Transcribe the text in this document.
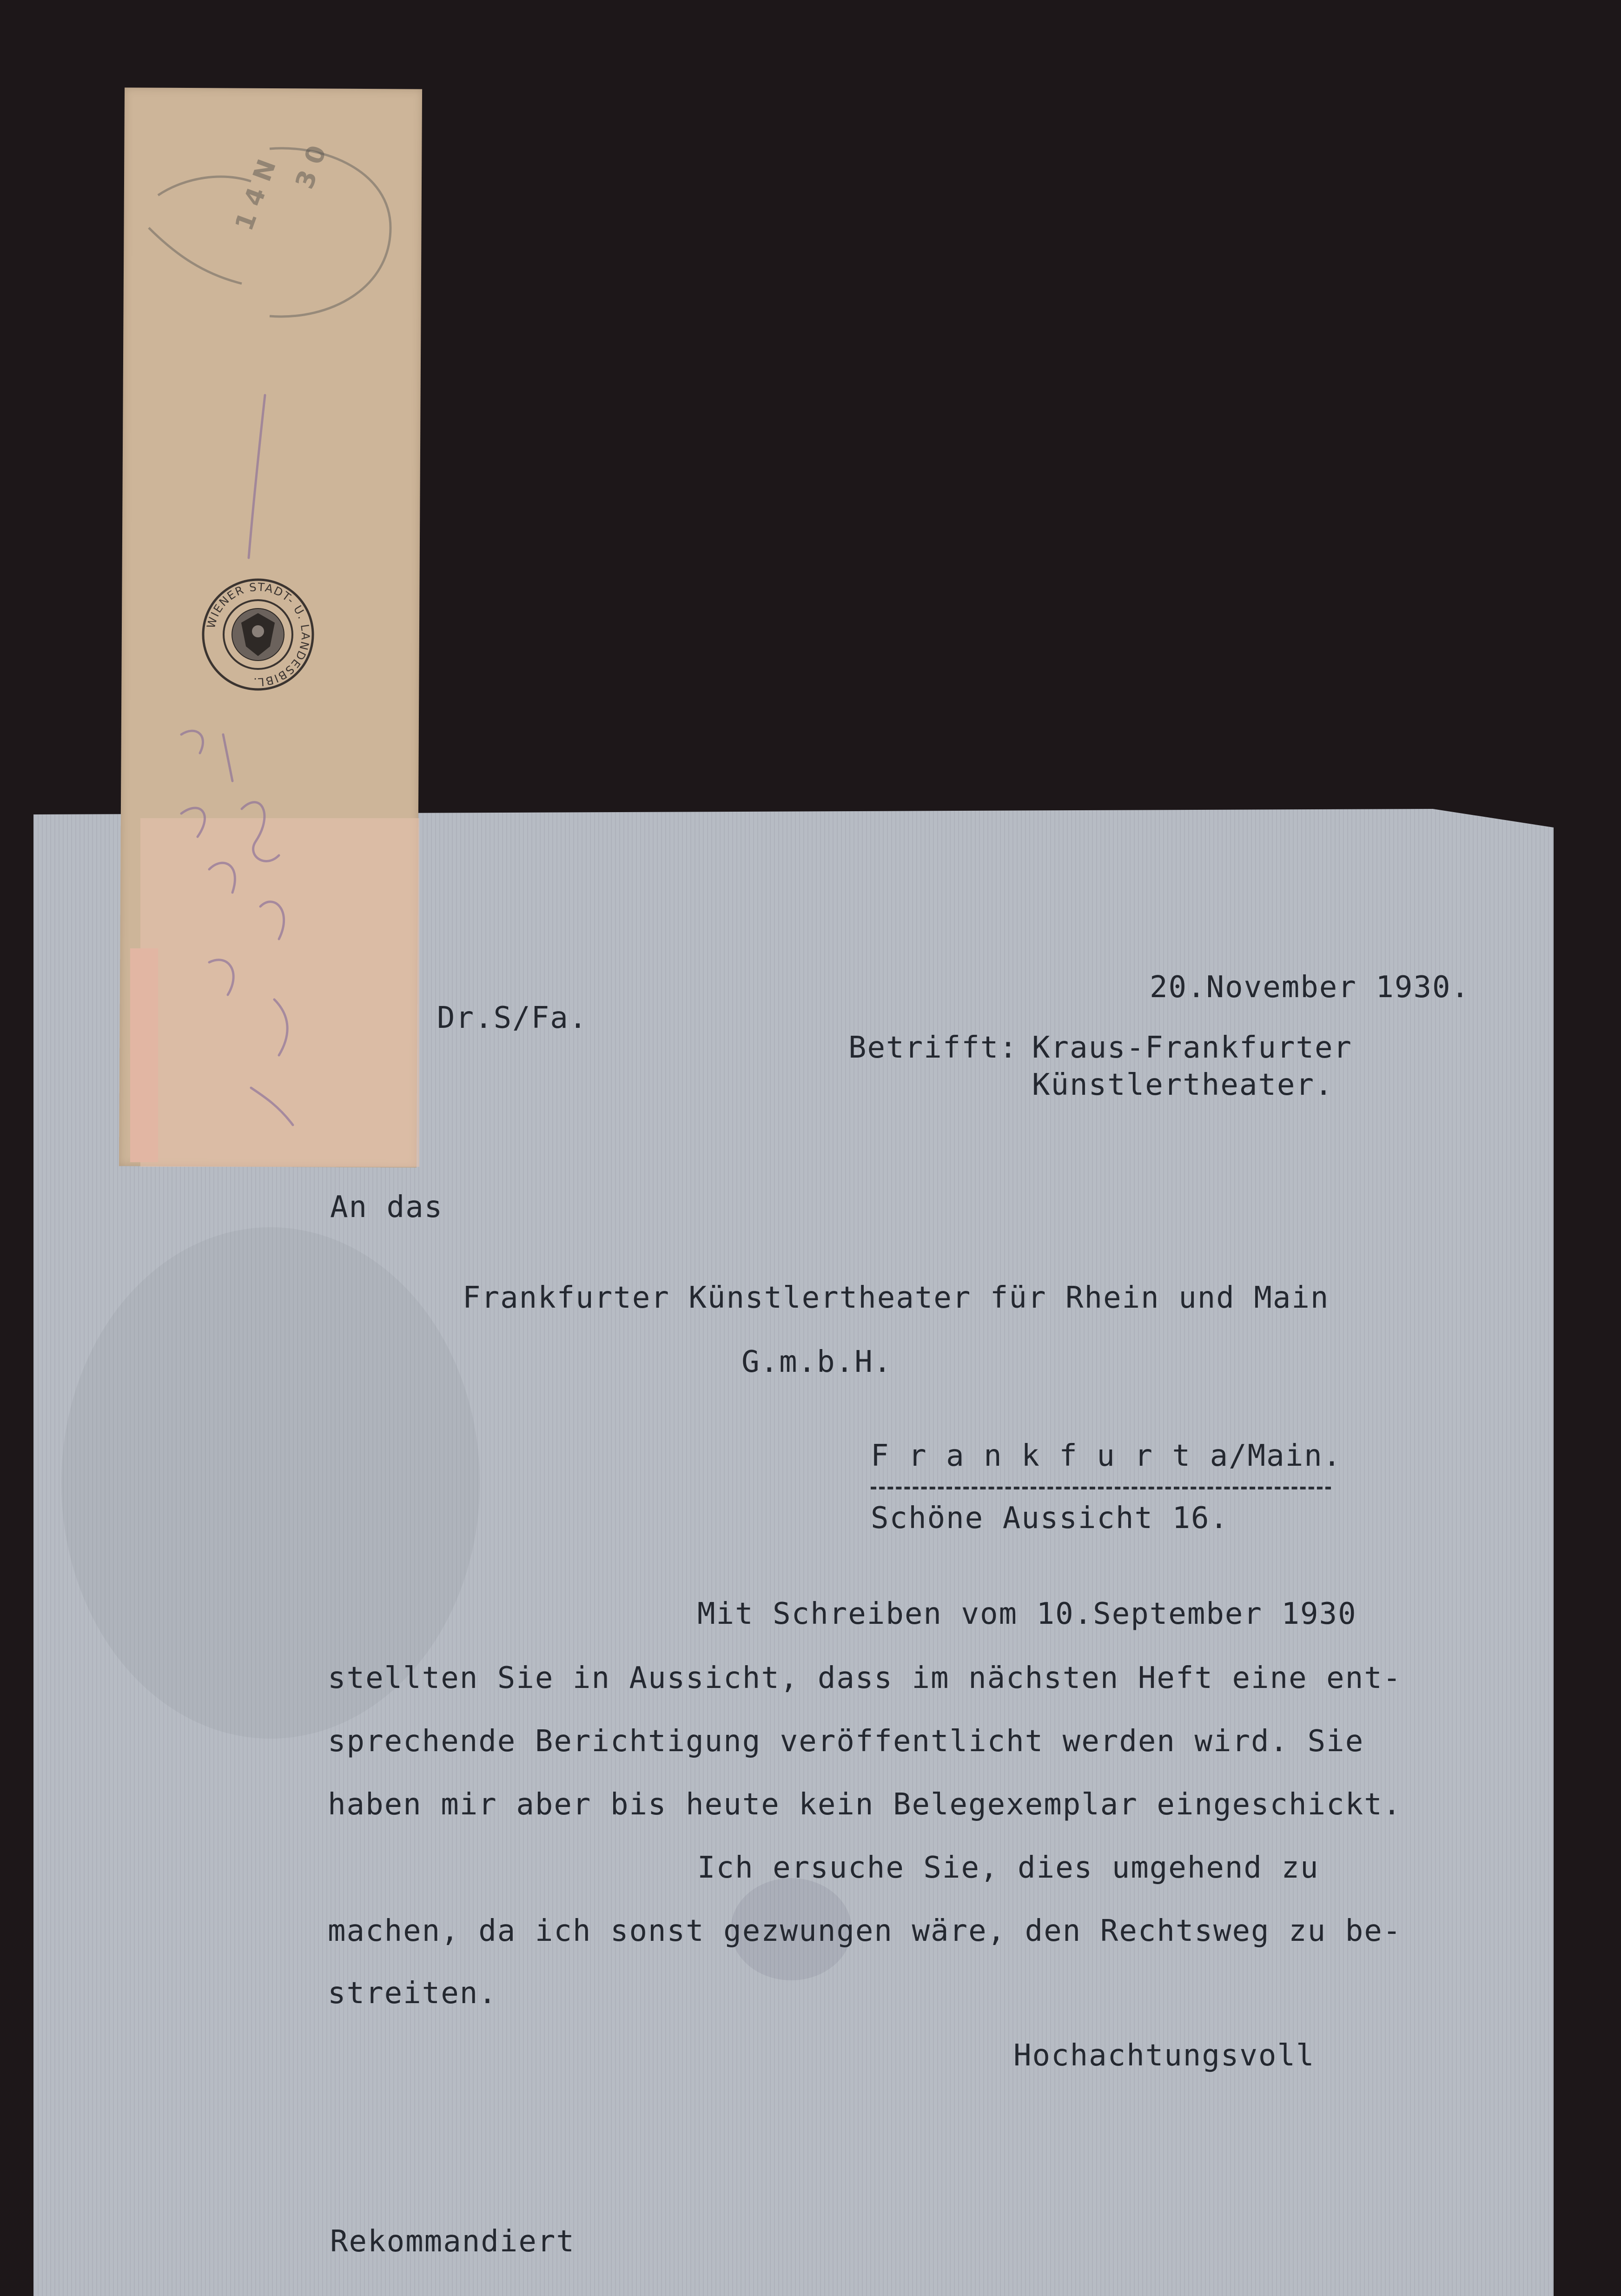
1 4 N 3 0
WIENER STADT- U. LANDESBIBL.
20.November 1930.
Dr.S/Fa.
Betrifft: Kraus-Frankfurter
Künstlertheater.
An das
Frankfurter Künstlertheater für Rhein und Main
G.m.b.H.
F r a n k f u r t a/Main.
Schöne Aussicht 16.
Mit Schreiben vom 10.September 1930
stellten Sie in Aussicht, dass im nächsten Heft eine ent-
sprechende Berichtigung veröffentlicht werden wird. Sie
haben mir aber bis heute kein Belegexemplar eingeschickt.
Ich ersuche Sie, dies umgehend zu
machen, da ich sonst gezwungen wäre, den Rechtsweg zu be-
streiten.
Hochachtungsvoll
Rekommandiert
